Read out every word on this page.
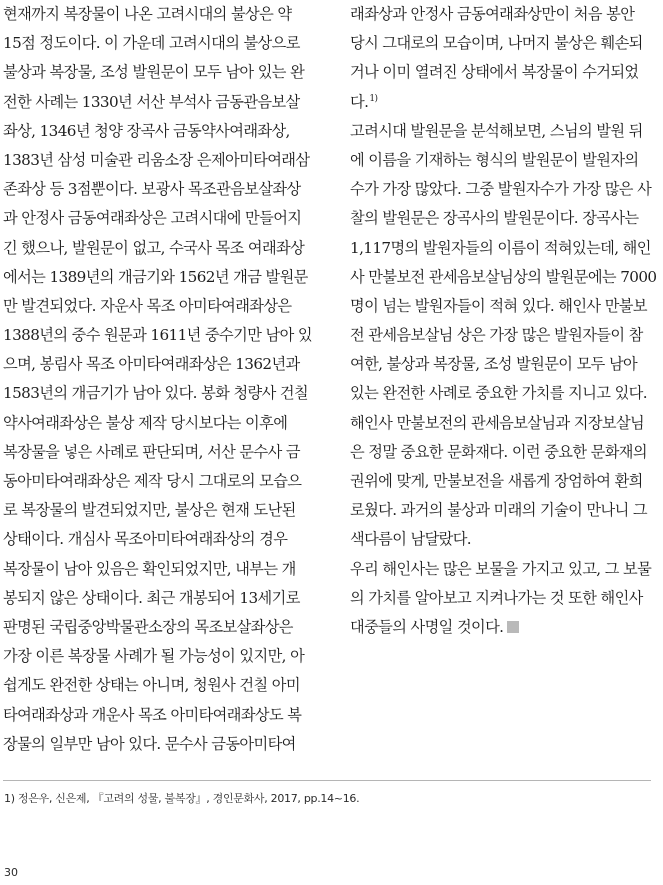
현재까지 복장물이 나온 고려시대의 불상은 약
15점 정도이다. 이 가운데 고려시대의 불상으로
불상과 복장물, 조성 발원문이 모두 남아 있는 완
전한 사례는 1330년 서산 부석사 금동관음보살
좌상, 1346년 청양 장곡사 금동약사여래좌상,
1383년 삼성 미술관 리움소장 은제아미타여래삼
존좌상 등 3점뿐이다. 보광사 목조관음보살좌상
과 안정사 금동여래좌상은 고려시대에 만들어지
긴 했으나, 발원문이 없고, 수국사 목조 여래좌상
에서는 1389년의 개금기와 1562년 개금 발원문
만 발견되었다. 자운사 목조 아미타여래좌상은
1388년의 중수 원문과 1611년 중수기만 남아 있
으며, 봉림사 목조 아미타여래좌상은 1362년과
1583년의 개금기가 남아 있다. 봉화 청량사 건칠
약사여래좌상은 불상 제작 당시보다는 이후에
복장물을 넣은 사례로 판단되며, 서산 문수사 금
동아미타여래좌상은 제작 당시 그대로의 모습으
로 복장물의 발견되었지만, 불상은 현재 도난된
상태이다. 개심사 목조아미타여래좌상의 경우
복장물이 남아 있음은 확인되었지만, 내부는 개
봉되지 않은 상태이다. 최근 개봉되어 13세기로
판명된 국립중앙박물관소장의 목조보살좌상은
가장 이른 복장물 사례가 될 가능성이 있지만, 아
쉽게도 완전한 상태는 아니며, 청원사 건칠 아미
타여래좌상과 개운사 목조 아미타여래좌상도 복
장물의 일부만 남아 있다. 문수사 금동아미타여
래좌상과 안정사 금동여래좌상만이 처음 봉안
당시 그대로의 모습이며, 나머지 불상은 훼손되
거나 이미 열려진 상태에서 복장물이 수거되었
다.$^{1)}$
고려시대 발원문을 분석해보면, 스님의 발원 뒤
에 이름을 기재하는 형식의 발원문이 발원자의
수가 가장 많았다. 그중 발원자수가 가장 많은 사
찰의 발원문은 장곡사의 발원문이다. 장곡사는
1,117명의 발원자들의 이름이 적혀있는데, 해인
사 만불보전 관세음보살님상의 발원문에는 7000
명이 넘는 발원자들이 적혀 있다. 해인사 만불보
전 관세음보살님 상은 가장 많은 발원자들이 참
여한, 불상과 복장물, 조성 발원문이 모두 남아
있는 완전한 사례로 중요한 가치를 지니고 있다.
해인사 만불보전의 관세음보살님과 지장보살님
은 정말 중요한 문화재다. 이런 중요한 문화재의
권위에 맞게, 만불보전을 새롭게 장엄하여 환희
로웠다. 과거의 불상과 미래의 기술이 만나니 그
색다름이 남달랐다.
우리 해인사는 많은 보물을 가지고 있고, 그 보물
의 가치를 알아보고 지켜나가는 것 또한 해인사
대중들의 사명일 것이다.
1) 정은우, 신은제, 『고려의 성물, 불복장』, 경인문화사, 2017, pp.14~16.
30
